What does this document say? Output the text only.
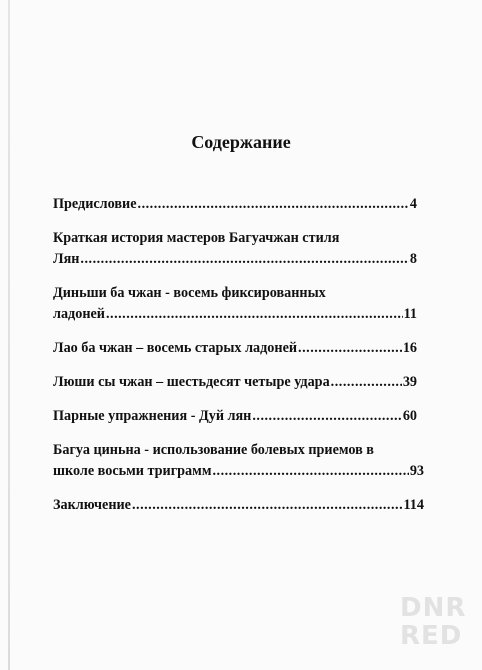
Содержание
Предисловие .....	4
Краткая история мастеров Багуачжан стиля
Лян .....	8
Диньши ба чжан - восемь фиксированных
ладоней .....	11
Лао ба чжан – восемь старых ладоней .....	16
Люши сы чжан – шестьдесят четыре удара .....	39
Парные упражнения - Дуй лян .....	60
Багуа циньна - использование болевых приемов в
школе восьми триграмм .....	93
Заключение .....	114
DNR
RED
